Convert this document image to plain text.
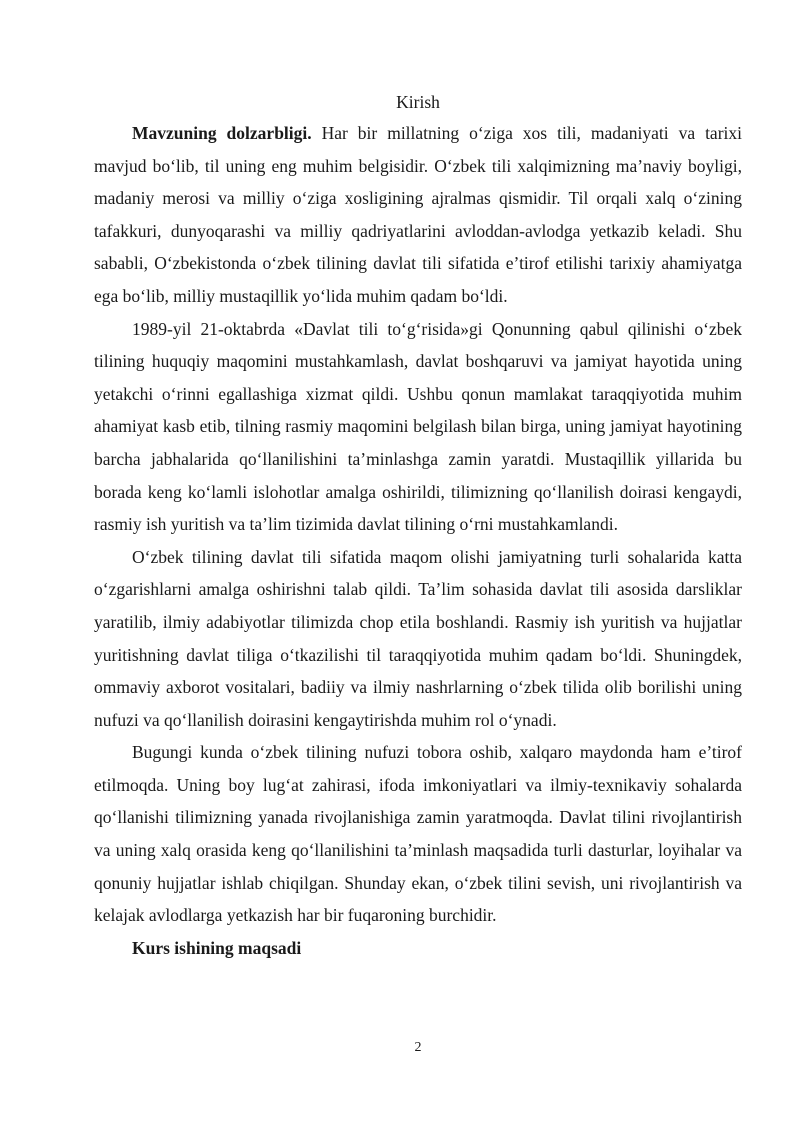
Kirish

Mavzuning dolzarbligi. Har bir millatning o‘ziga xos tili, madaniyati va tarixi mavjud bo‘lib, til uning eng muhim belgisidir. O‘zbek tili xalqimizning ma’naviy boyligi, madaniy merosi va milliy o‘ziga xosligining ajralmas qismidir. Til orqali xalq o‘zining tafakkuri, dunyoqarashi va milliy qadriyatlarini avloddan-avlodga yetkazib keladi. Shu sababli, O‘zbekistonda o‘zbek tilining davlat tili sifatida e’tirof etilishi tarixiy ahamiyatga ega bo‘lib, milliy mustaqillik yo‘lida muhim qadam bo‘ldi.

1989-yil 21-oktabrda «Davlat tili to‘g‘risida»gi Qonunning qabul qilinishi o‘zbek tilining huquqiy maqomini mustahkamlash, davlat boshqaruvi va jamiyat hayotida uning yetakchi o‘rinni egallashiga xizmat qildi. Ushbu qonun mamlakat taraqqiyotida muhim ahamiyat kasb etib, tilning rasmiy maqomini belgilash bilan birga, uning jamiyat hayotining barcha jabhalarida qo‘llanilishini ta’minlashga zamin yaratdi. Mustaqillik yillarida bu borada keng ko‘lamli islohotlar amalga oshirildi, tilimizning qo‘llanilish doirasi kengaydi, rasmiy ish yuritish va ta’lim tizimida davlat tilining o‘rni mustahkamlandi.

O‘zbek tilining davlat tili sifatida maqom olishi jamiyatning turli sohalarida katta o‘zgarishlarni amalga oshirishni talab qildi. Ta’lim sohasida davlat tili asosida darsliklar yaratilib, ilmiy adabiyotlar tilimizda chop etila boshlandi. Rasmiy ish yuritish va hujjatlar yuritishning davlat tiliga o‘tkazilishi til taraqqiyotida muhim qadam bo‘ldi. Shuningdek, ommaviy axborot vositalari, badiiy va ilmiy nashrlarning o‘zbek tilida olib borilishi uning nufuzi va qo‘llanilish doirasini kengaytirishda muhim rol o‘ynadi.

Bugungi kunda o‘zbek tilining nufuzi tobora oshib, xalqaro maydonda ham e’tirof etilmoqda. Uning boy lug‘at zahirasi, ifoda imkoniyatlari va ilmiy-texnikaviy sohalarda qo‘llanishi tilimizning yanada rivojlanishiga zamin yaratmoqda. Davlat tilini rivojlantirish va uning xalq orasida keng qo‘llanilishini ta’minlash maqsadida turli dasturlar, loyihalar va qonuniy hujjatlar ishlab chiqilgan. Shunday ekan, o‘zbek tilini sevish, uni rivojlantirish va kelajak avlodlarga yetkazish har bir fuqaroning burchidir.

Kurs ishining maqsadi

2
